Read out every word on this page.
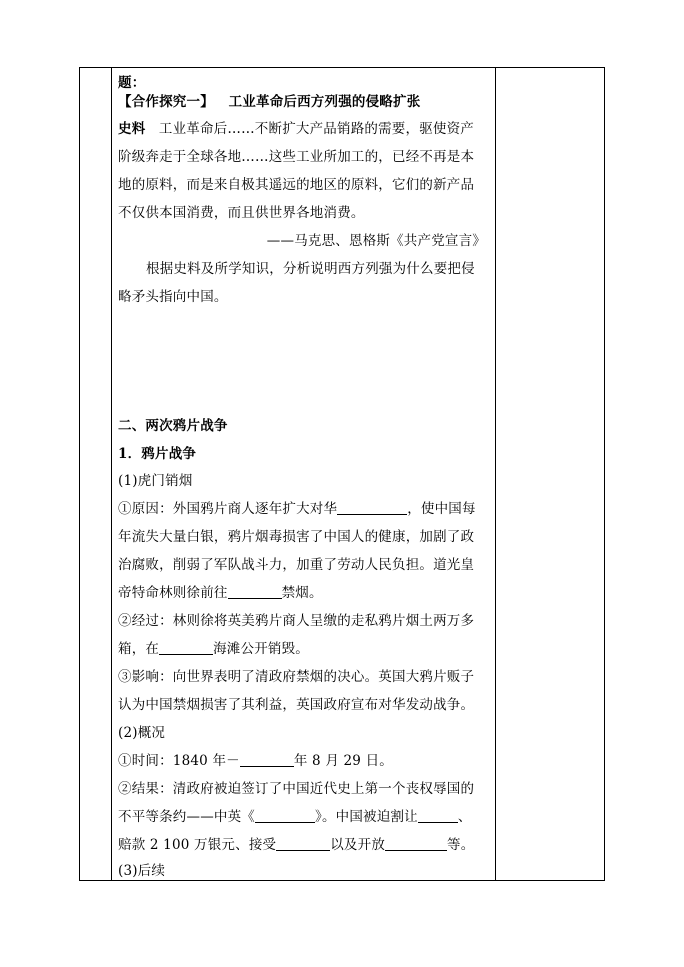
题：
【合作探究一】 工业革命后西方列强的侵略扩张
史料 工业革命后……不断扩大产品销路的需要，驱使资产
阶级奔走于全球各地……这些工业所加工的，已经不再是本
地的原料，而是来自极其遥远的地区的原料，它们的新产品
不仅供本国消费，而且供世界各地消费。
——马克思、恩格斯《共产党宣言》
根据史料及所学知识，分析说明西方列强为什么要把侵
略矛头指向中国。
二、两次鸦片战争
1．鸦片战争
(1)虎门销烟
①原因：外国鸦片商人逐年扩大对华	，使中国每
年流失大量白银，鸦片烟毒损害了中国人的健康，加剧了政
治腐败，削弱了军队战斗力，加重了劳动人民负担。道光皇
帝特命林则徐前往	禁烟。
②经过：林则徐将英美鸦片商人呈缴的走私鸦片烟土两万多
箱，在	海滩公开销毁。
③影响：向世界表明了清政府禁烟的决心。英国大鸦片贩子
认为中国禁烟损害了其利益，英国政府宣布对华发动战争。
(2)概况
①时间：1840 年－	年 8 月 29 日。
②结果：清政府被迫签订了中国近代史上第一个丧权辱国的
不平等条约——中英《	》。中国被迫割让	、
赔款 2 100 万银元、接受	以及开放	等。
(3)后续
